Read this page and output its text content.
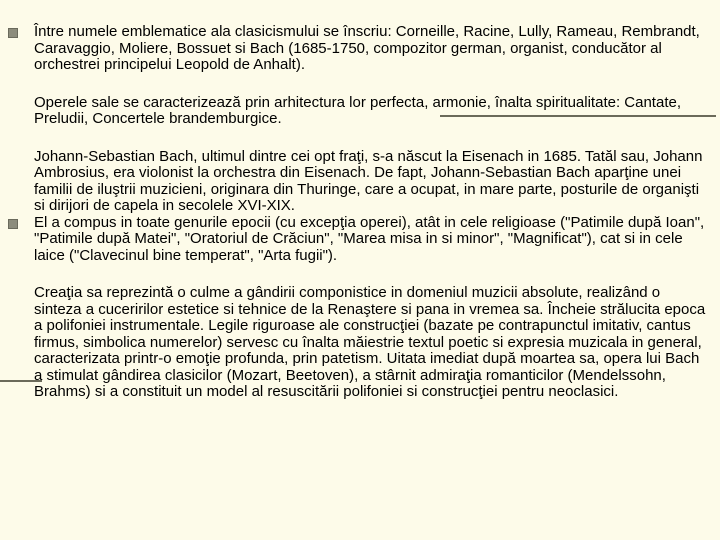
Între numele emblematice ala clasicismului se înscriu: Corneille, Racine, Lully, Rameau, Rembrandt, Caravaggio, Moliere, Bossuet si Bach (1685-1750, compozitor german, organist, conducător al orchestrei principelui Leopold de Anhalt).
Operele sale se caracterizează prin arhitectura lor perfecta, armonie, înalta spiritualitate: Cantate, Preludii, Concertele brandemburgice.
Johann-Sebastian Bach, ultimul dintre cei opt fraţi, s-a născut la Eisenach in 1685. Tatăl sau, Johann Ambrosius, era violonist la orchestra din Eisenach. De fapt, Johann-Sebastian Bach aparţine unei familii de iluştrii muzicieni, originara din Thuringe, care a ocupat, in mare parte, posturile de organişti si dirijori de capela in secolele XVI-XIX.
El a compus in toate genurile epocii (cu excepţia operei), atât in cele religioase ("Patimile după Ioan", "Patimile după Matei", "Oratoriul de Crăciun", "Marea misa in si minor", "Magnificat"), cat si in cele laice ("Clavecinul bine temperat", "Arta fugii").
Creaţia sa reprezintă o culme a gândirii componistice in domeniul muzicii absolute, realizând o sinteza a cuceririlor estetice si tehnice de la Renaştere si pana in vremea sa. Încheie strălucita epoca a polifoniei instrumentale. Legile riguroase ale construcţiei (bazate pe contrapunctul imitativ, cantus firmus, simbolica numerelor) servesc cu înalta măiestrie textul poetic si expresia muzicala in general, caracterizata printr-o emoţie profunda, prin patetism. Uitata imediat după moartea sa, opera lui Bach a stimulat gândirea clasicilor (Mozart, Beetoven), a stârnit admiraţia romanticilor (Mendelssohn, Brahms) si a constituit un model al resuscitării polifoniei si construcţiei pentru neoclasici.
